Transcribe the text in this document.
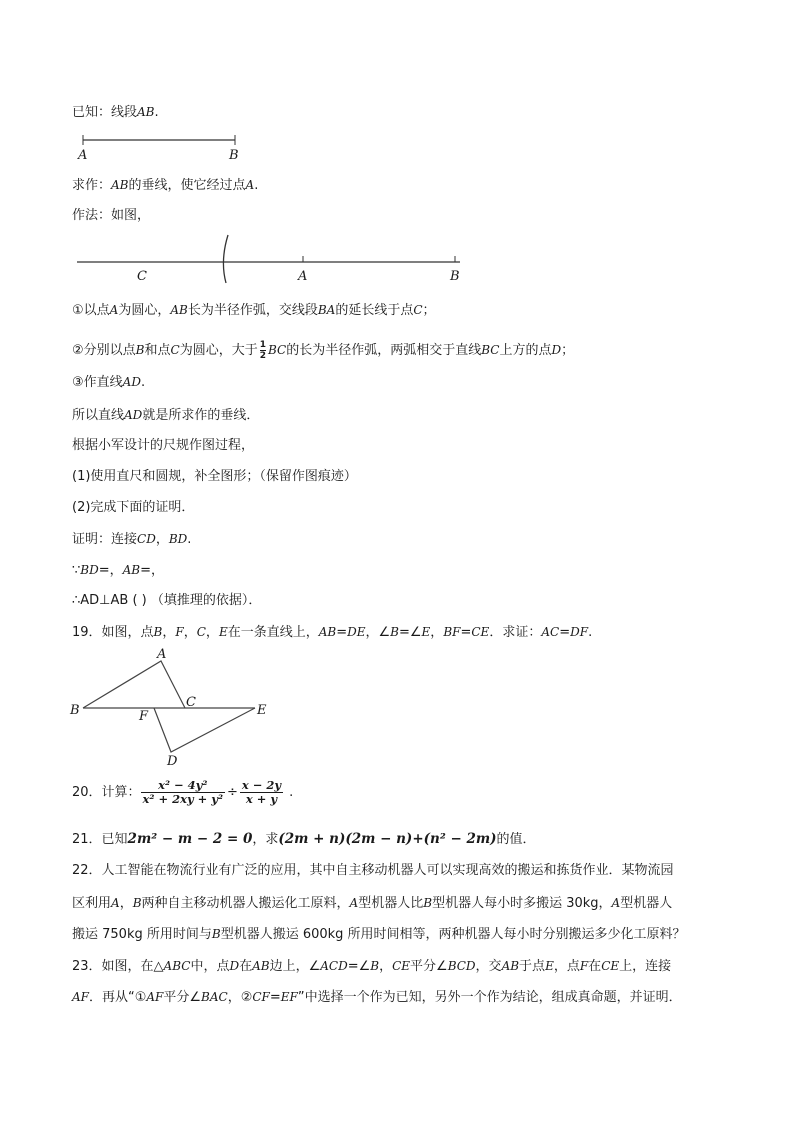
已知：线段AB.
A	B
求作：AB的垂线，使它经过点A.
作法：如图，
C	A	B
①以点A为圆心，AB长为半径作弧，交线段BA的延长线于点C；
②分别以点B和点C为圆心，大于 $\frac{1}{2}$ BC的长为半径作弧，两弧相交于直线BC上方的点D；
③作直线AD.
所以直线AD就是所求作的垂线．
根据小军设计的尺规作图过程，
(1)使用直尺和圆规，补全图形；（保留作图痕迹）
(2)完成下面的证明．
证明：连接CD，BD.
∵BD=，AB=，
∴AD⊥AB ( ) （填推理的依据）．
19．如图，点B，F，C，E在一条直线上，AB=DE，∠B=∠E，BF=CE．求证：AC=DF.
A
B
C
F	E
D
20．计算： $\frac{\text{x² − 4y²}}{\text{x² + 2xy + y²}} \div \frac{x - 2y}{x + y}$ .
21．已知2m² − m − 2 = 0，求(2m + n)(2m − n)+(n² − 2m)的值．
22．人工智能在物流行业有广泛的应用，其中自主移动机器人可以实现高效的搬运和拣货作业．某物流园
区利用A，B两种自主移动机器人搬运化工原料，A型机器人比B型机器人每小时多搬运 30kg，A型机器人
搬运 750kg 所用时间与B型机器人搬运 600kg 所用时间相等，两种机器人每小时分别搬运多少化工原料？
23．如图，在△ABC中，点D在AB边上，∠ACD=∠B，CE平分∠BCD，交AB于点E，点F在CE上，连接
AF．再从“①AF平分∠BAC，②CF=EF”中选择一个作为已知，另外一个作为结论，组成真命题，并证明．
